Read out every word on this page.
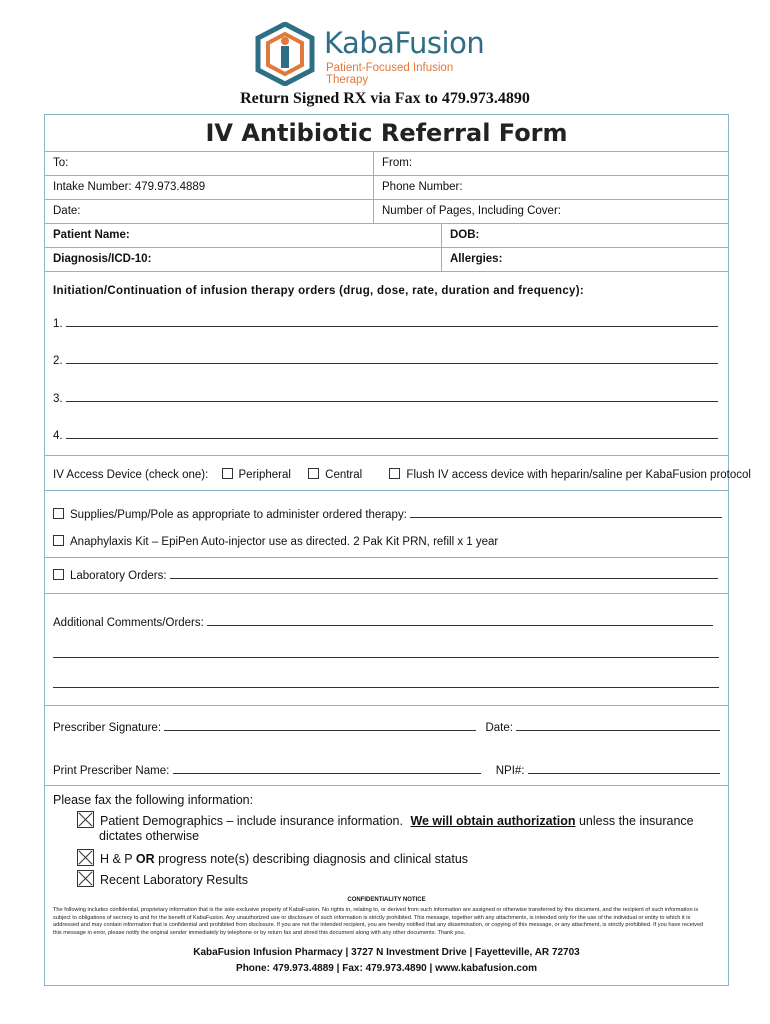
KabaFusion
Patient-Focused Infusion Therapy
Return Signed RX via Fax to 479.973.4890
IV Antibiotic Referral Form
To:	From:
Intake Number: 479.973.4889	Phone Number:
Date:	Number of Pages, Including Cover:
Patient Name:	DOB:
Diagnosis/ICD-10:	Allergies:
Initiation/Continuation of infusion therapy orders (drug, dose, rate, duration and frequency):
1.
2.
3.
4.
IV Access Device (check one):	Peripheral	Central	Flush IV access device with heparin/saline per KabaFusion protocol
Supplies/Pump/Pole as appropriate to administer ordered therapy:
Anaphylaxis Kit – EpiPen Auto-injector use as directed. 2 Pak Kit PRN, refill x 1 year
Laboratory Orders:
Additional Comments/Orders:
Prescriber Signature:	Date:
Print Prescriber Name:	NPI#:
Please fax the following information:
Patient Demographics – include insurance information. We will obtain authorization unless the insurance
dictates otherwise
H & P OR progress note(s) describing diagnosis and clinical status
Recent Laboratory Results
CONFIDENTIALITY NOTICE
The following includes confidential, proprietary information that is the sole exclusive property of KabaFusion. No rights in, relating to, or derived from such information are assigned or otherwise transferred by this document, and the recipient of such information is subject to obligations of secrecy to and for the benefit of KabaFusion. Any unauthorized use or disclosure of such information is strictly prohibited. This message, together with any attachments, is intended only for the use of the individual or entity to which it is addressed and may contain information that is confidential and prohibited from disclosure. If you are not the intended recipient, you are hereby notified that any dissemination, or copying of this message, or any attachment, is strictly prohibited. If you have received this message in error, please notify the original sender immediately by telephone or by return fax and shred this document along with any other documents. Thank you.
KabaFusion Infusion Pharmacy | 3727 N Investment Drive | Fayetteville, AR 72703
Phone: 479.973.4889 | Fax: 479.973.4890 | www.kabafusion.com
